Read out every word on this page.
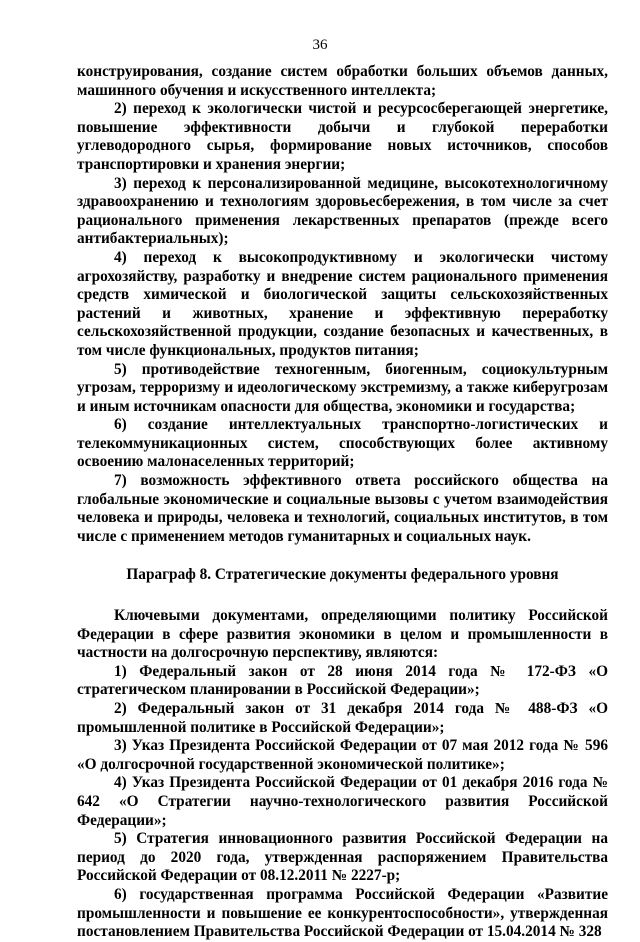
36

конструирования, создание систем обработки больших объемов данных, машинного обучения и искусственного интеллекта;

2) переход к экологически чистой и ресурсосберегающей энергетике, повышение эффективности добычи и глубокой переработки углеводородного сырья, формирование новых источников, способов транспортировки и хранения энергии;

3) переход к персонализированной медицине, высокотехнологичному здравоохранению и технологиям здоровьесбережения, в том числе за счет рационального применения лекарственных препаратов (прежде всего антибактериальных);

4) переход к высокопродуктивному и экологически чистому агрохозяйству, разработку и внедрение систем рационального применения средств химической и биологической защиты сельскохозяйственных растений и животных, хранение и эффективную переработку сельскохозяйственной продукции, создание безопасных и качественных, в том числе функциональных, продуктов питания;

5) противодействие техногенным, биогенным, социокультурным угрозам, терроризму и идеологическому экстремизму, а также киберугрозам и иным источникам опасности для общества, экономики и государства;

6) создание интеллектуальных транспортно-логистических и телекоммуникационных систем, способствующих более активному освоению малонаселенных территорий;

7) возможность эффективного ответа российского общества на глобальные экономические и социальные вызовы с учетом взаимодействия человека и природы, человека и технологий, социальных институтов, в том числе с применением методов гуманитарных и социальных наук.

Параграф 8. Стратегические документы федерального уровня

Ключевыми документами, определяющими политику Российской Федерации в сфере развития экономики в целом и промышленности в частности на долгосрочную перспективу, являются:

1) Федеральный закон от 28 июня 2014 года № 172-ФЗ «О стратегическом планировании в Российской Федерации»;

2) Федеральный закон от 31 декабря 2014 года № 488-ФЗ «О промышленной политике в Российской Федерации»;

3) Указ Президента Российской Федерации от 07 мая 2012 года № 596 «О долгосрочной государственной экономической политике»;

4) Указ Президента Российской Федерации от 01 декабря 2016 года № 642 «О Стратегии научно-технологического развития Российской Федерации»;

5) Стратегия инновационного развития Российской Федерации на период до 2020 года, утвержденная распоряжением Правительства Российской Федерации от 08.12.2011 № 2227-р;

6) государственная программа Российской Федерации «Развитие промышленности и повышение ее конкурентоспособности», утвержденная постановлением Правительства Российской Федерации от 15.04.2014 № 328
